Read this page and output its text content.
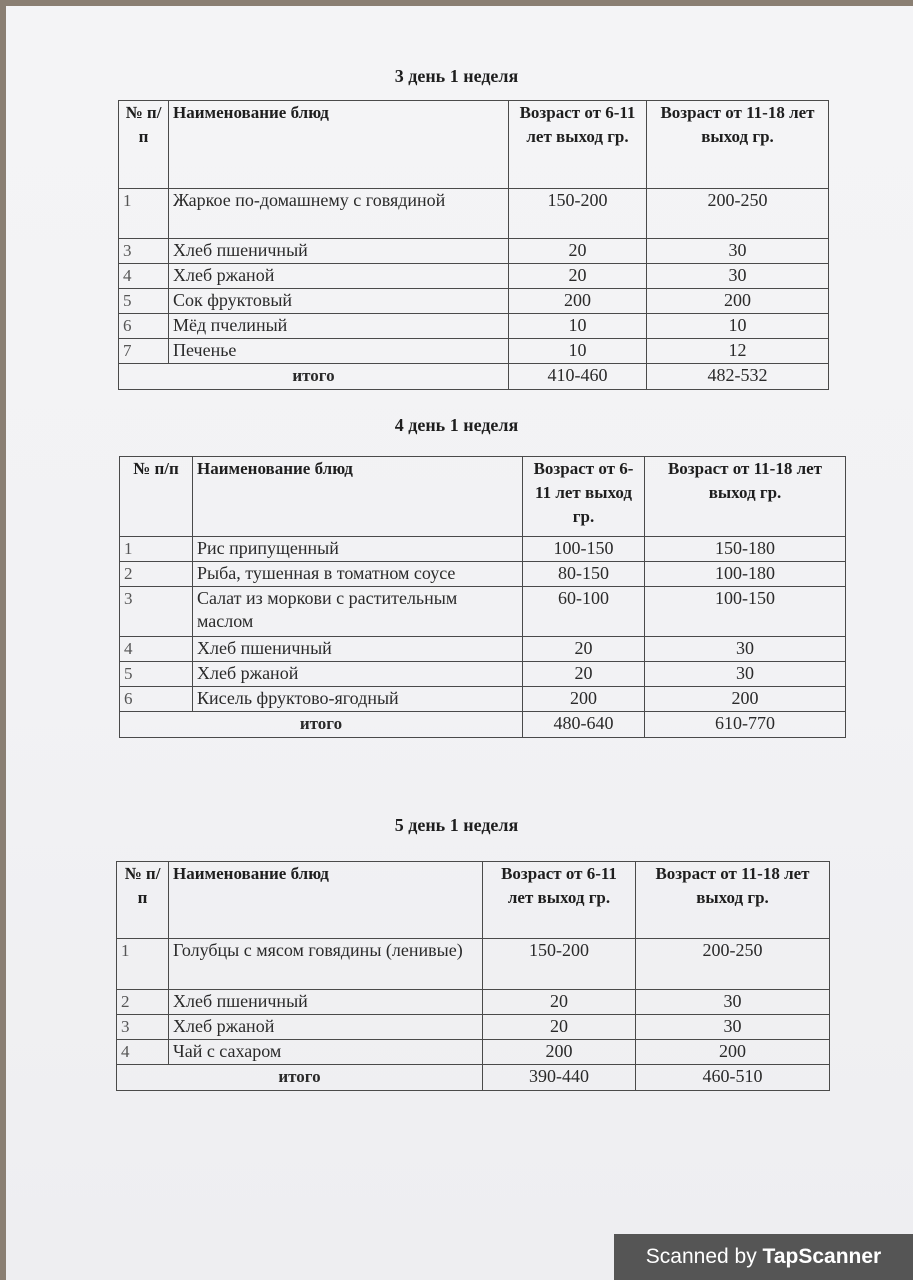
3 день 1 неделя
№ п/п	Наименование блюд	Возраст от 6-11 лет выход гр.	Возраст от 11-18 лет выход гр.
1	Жаркое по-домашнему с говядиной	150-200	200-250
3	Хлеб пшеничный	20	30
4	Хлеб ржаной	20	30
5	Сок фруктовый	200	200
6	Мёд пчелиный	10	10
7	Печенье	10	12
итого		410-460	482-532
4 день 1 неделя
№ п/п	Наименование блюд	Возраст от 6-11 лет выход гр.	Возраст от 11-18 лет выход гр.
1	Рис припущенный	100-150	150-180
2	Рыба, тушенная в томатном соусе	80-150	100-180
3	Салат из моркови с растительным маслом	60-100	100-150
4	Хлеб пшеничный	20	30
5	Хлеб ржаной	20	30
6	Кисель фруктово-ягодный	200	200
итого		480-640	610-770
5 день 1 неделя
№ п/п	Наименование блюд	Возраст от 6-11 лет выход гр.	Возраст от 11-18 лет выход гр.
1	Голубцы с мясом говядины (ленивые)	150-200	200-250
2	Хлеб пшеничный	20	30
3	Хлеб ржаной	20	30
4	Чай с сахаром	200	200
итого		390-440	460-510
Scanned by TapScanner
